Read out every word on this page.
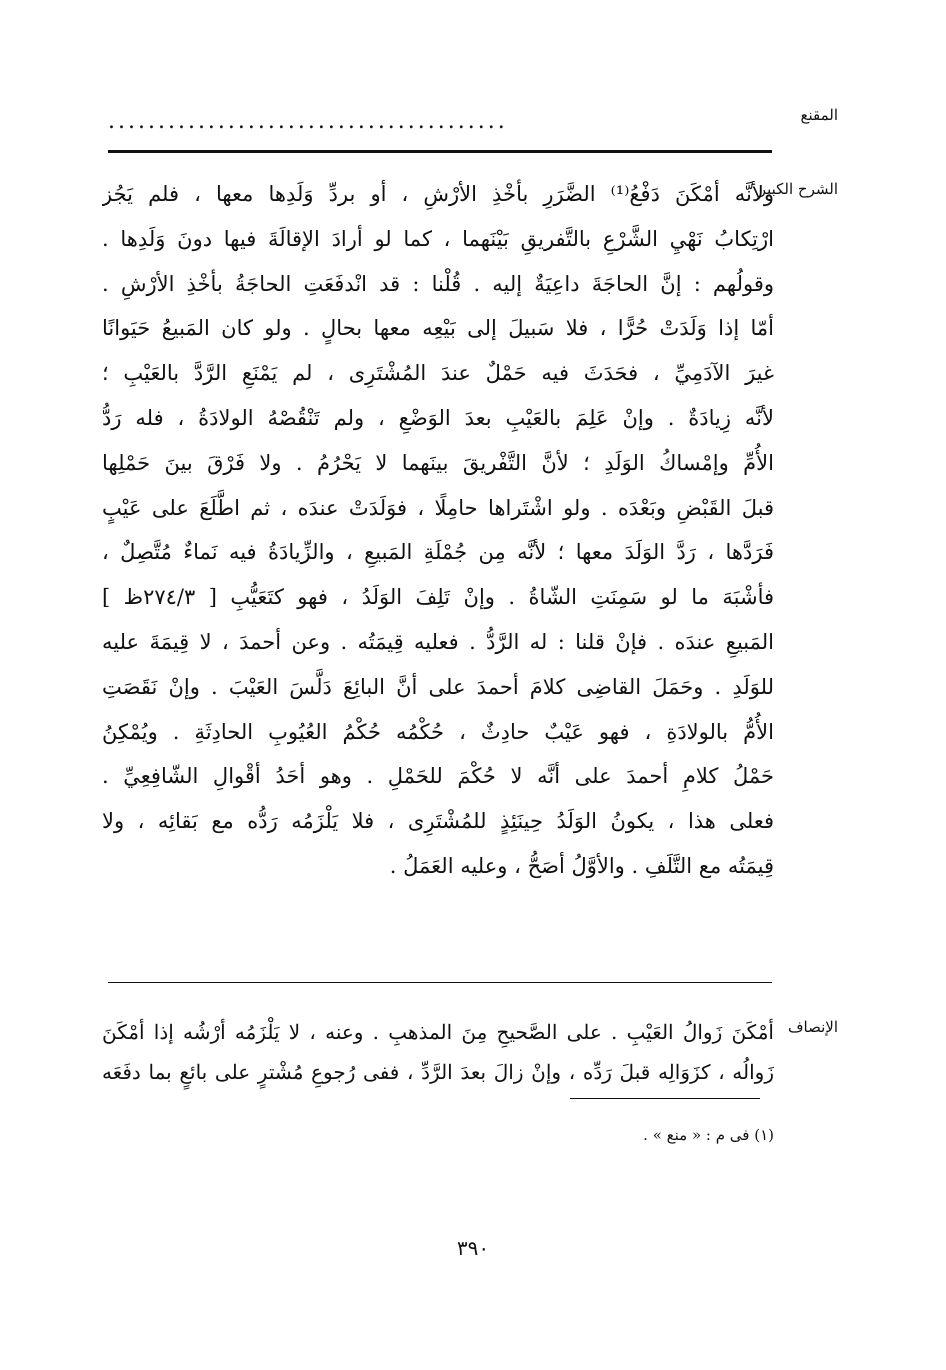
المقنع
........................................
الشرح الكبير
ولأنَّه أمْكَنَ دَفْعُ⁽¹⁾ الضَّرَرِ بأخْذِ الأرْشِ ، أو بردِّ وَلَدِها معها ، فلم يَجُز
ارْتِكابُ نَهْيِ الشَّرْعِ بالتَّفريقِ بَيْنَهما ، كما لو أرادَ الإقالَةَ فيها دونَ وَلَدِها .
وقولُهم : إنَّ الحاجَةَ داعِيَةٌ إليه . قُلْنا : قد انْدفَعَتِ الحاجَةُ بأخْذِ الأرْشِ .
أمّا إذا وَلَدَتْ حُرًّا ، فلا سَبيلَ إلى بَيْعِه معها بحالٍ . ولو كان المَبيعُ حَيَوانًا
غيرَ الآدَمِيِّ ، فحَدَثَ فيه حَمْلٌ عندَ المُشْتَرِى ، لم يَمْنَعِ الرَّدَّ بالعَيْبِ ؛
لأنَّه زِيادَةٌ . وإنْ عَلِمَ بالعَيْبِ بعدَ الوَضْعِ ، ولم تَنْقُصْهُ الولادَةُ ، فله رَدُّ
الأُمِّ وإمْساكُ الوَلَدِ ؛ لأنَّ التَّفْريقَ بينَهما لا يَحْرُمُ . ولا فَرْقَ بينَ حَمْلِها
قبلَ القَبْضِ وبَعْدَه . ولو اشْتَراها حامِلًا ، فوَلَدَتْ عندَه ، ثم اطَّلَعَ على عَيْبٍ
فَرَدَّها ، رَدَّ الوَلَدَ معها ؛ لأنَّه مِن جُمْلَةِ المَبيعِ ، والزِّيادَةُ فيه نَماءٌ مُتَّصِلٌ ،
فأشْبَهَ ما لو سَمِنَتِ الشّاةُ . وإنْ تَلِفَ الوَلَدُ ، فهو كتَعَيُّبِ [ ٢٧٤/٣ظ ]
المَبيعِ عندَه . فإنْ قلنا : له الرَّدُّ . فعليه قِيمَتُه . وعن أحمدَ ، لا قِيمَةَ عليه
للوَلَدِ . وحَمَلَ القاضِى كلامَ أحمدَ على أنَّ البائِعَ دَلَّسَ العَيْبَ . وإنْ نَقَصَتِ
الأُمُّ بالولادَةِ ، فهو عَيْبٌ حادِثٌ ، حُكْمُه حُكْمُ العُيُوبِ الحادِثَةِ . ويُمْكِنُ
حَمْلُ كلامِ أحمدَ على أنَّه لا حُكْمَ للحَمْلِ . وهو أحَدُ أقْوالِ الشّافِعِيِّ .
فعلى هذا ، يكونُ الوَلَدُ حِينَئِذٍ للمُشْتَرِى ، فلا يَلْزَمُه رَدُّه مع بَقائِه ، ولا
قِيمَتُه مع التَّلَفِ . والأوَّلُ أصَحُّ ، وعليه العَمَلُ .
الإنصاف
أمْكَنَ زَوالُ العَيْبِ . على الصَّحيحِ مِنَ المذهبِ . وعنه ، لا يَلْزَمُه أرْشُه إذا أمْكَنَ
زَوالُه ، كزَوَالِه قبلَ رَدِّه ، وإنْ زالَ بعدَ الرَّدِّ ، ففى رُجوعِ مُشْترٍ على بائعٍ بما دفَعَه
(١) فى م : « منع » .
٣٩٠
